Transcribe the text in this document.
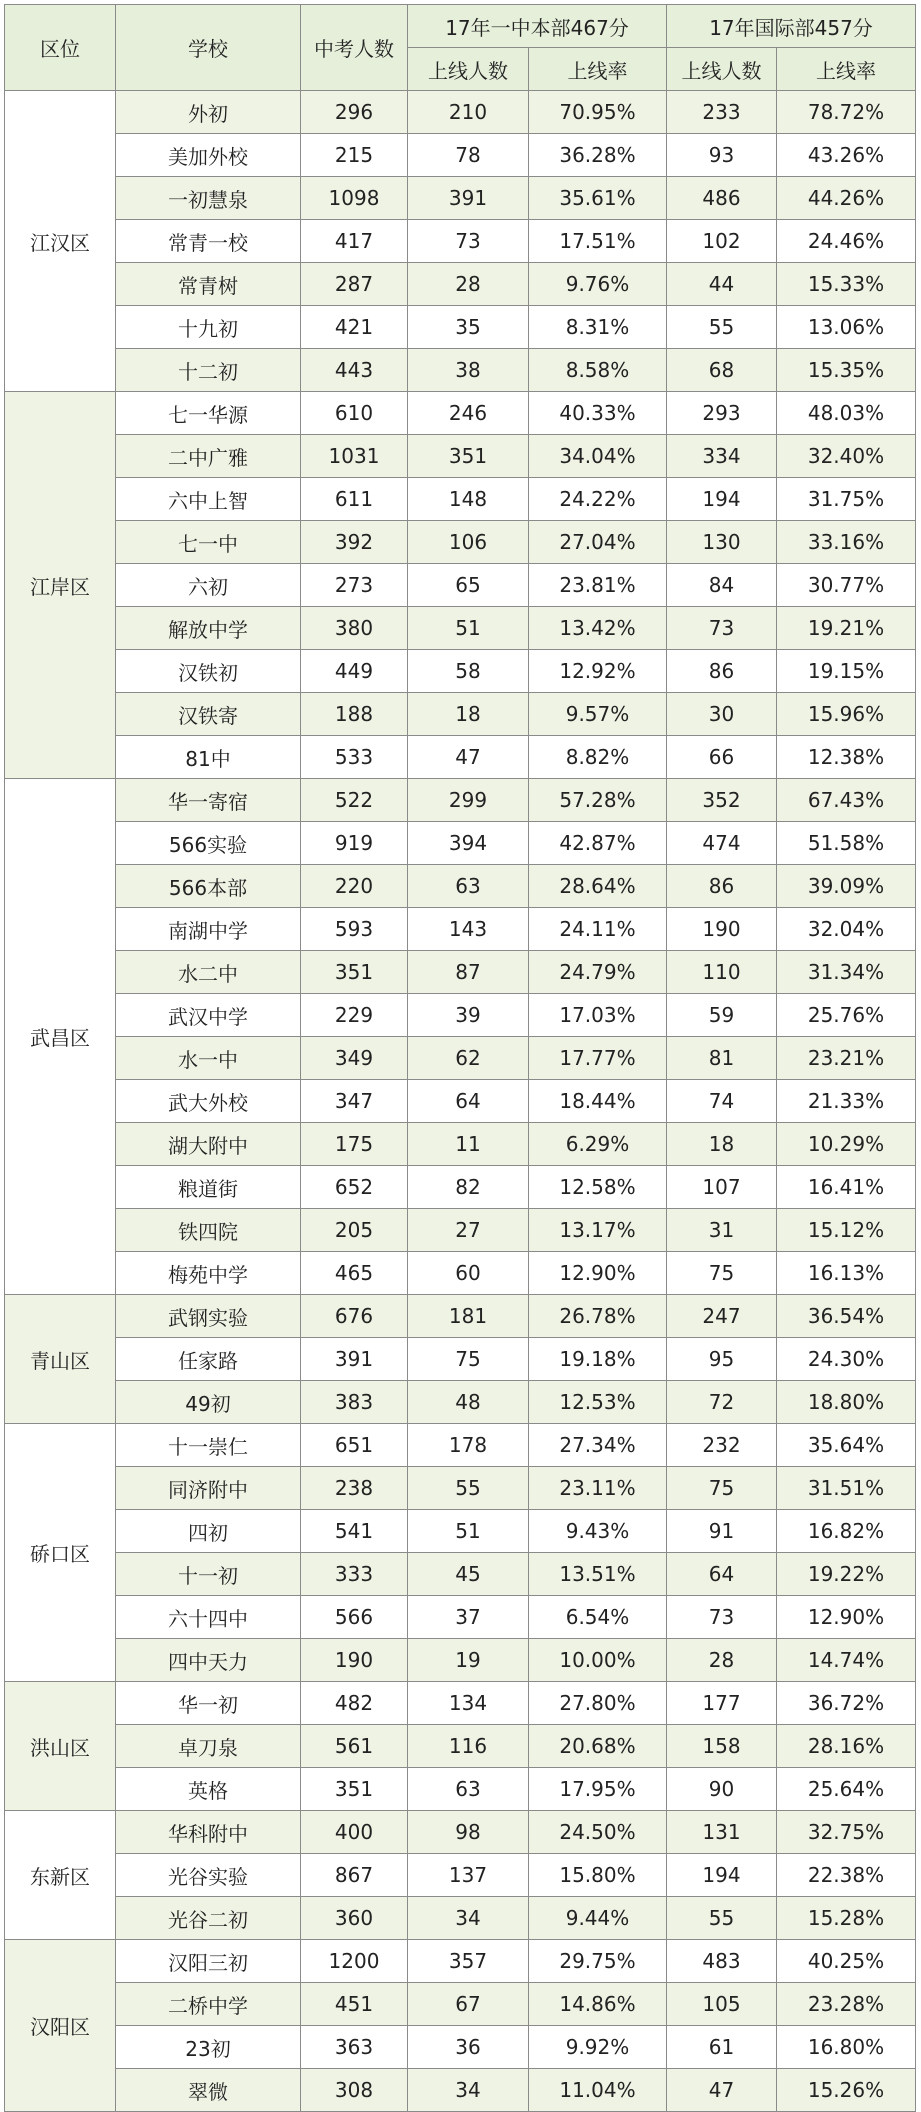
区位	学校	中考人数	17年一中本部467分		17年国际部457分	
			上线人数	上线率	上线人数	上线率
江汉区	外初	296	210	70.95%	233	78.72%
	美加外校	215	78	36.28%	93	43.26%
	一初慧泉	1098	391	35.61%	486	44.26%
	常青一校	417	73	17.51%	102	24.46%
	常青树	287	28	9.76%	44	15.33%
	十九初	421	35	8.31%	55	13.06%
	十二初	443	38	8.58%	68	15.35%
江岸区	七一华源	610	246	40.33%	293	48.03%
	二中广雅	1031	351	34.04%	334	32.40%
	六中上智	611	148	24.22%	194	31.75%
	七一中	392	106	27.04%	130	33.16%
	六初	273	65	23.81%	84	30.77%
	解放中学	380	51	13.42%	73	19.21%
	汉铁初	449	58	12.92%	86	19.15%
	汉铁寄	188	18	9.57%	30	15.96%
	81中	533	47	8.82%	66	12.38%
武昌区	华一寄宿	522	299	57.28%	352	67.43%
	566实验	919	394	42.87%	474	51.58%
	566本部	220	63	28.64%	86	39.09%
	南湖中学	593	143	24.11%	190	32.04%
	水二中	351	87	24.79%	110	31.34%
	武汉中学	229	39	17.03%	59	25.76%
	水一中	349	62	17.77%	81	23.21%
	武大外校	347	64	18.44%	74	21.33%
	湖大附中	175	11	6.29%	18	10.29%
	粮道街	652	82	12.58%	107	16.41%
	铁四院	205	27	13.17%	31	15.12%
	梅苑中学	465	60	12.90%	75	16.13%
青山区	武钢实验	676	181	26.78%	247	36.54%
	任家路	391	75	19.18%	95	24.30%
	49初	383	48	12.53%	72	18.80%
硚口区	十一崇仁	651	178	27.34%	232	35.64%
	同济附中	238	55	23.11%	75	31.51%
	四初	541	51	9.43%	91	16.82%
	十一初	333	45	13.51%	64	19.22%
	六十四中	566	37	6.54%	73	12.90%
	四中天力	190	19	10.00%	28	14.74%
洪山区	华一初	482	134	27.80%	177	36.72%
	卓刀泉	561	116	20.68%	158	28.16%
	英格	351	63	17.95%	90	25.64%
东新区	华科附中	400	98	24.50%	131	32.75%
	光谷实验	867	137	15.80%	194	22.38%
	光谷二初	360	34	9.44%	55	15.28%
汉阳区	汉阳三初	1200	357	29.75%	483	40.25%
	二桥中学	451	67	14.86%	105	23.28%
	23初	363	36	9.92%	61	16.80%
	翠微	308	34	11.04%	47	15.26%
